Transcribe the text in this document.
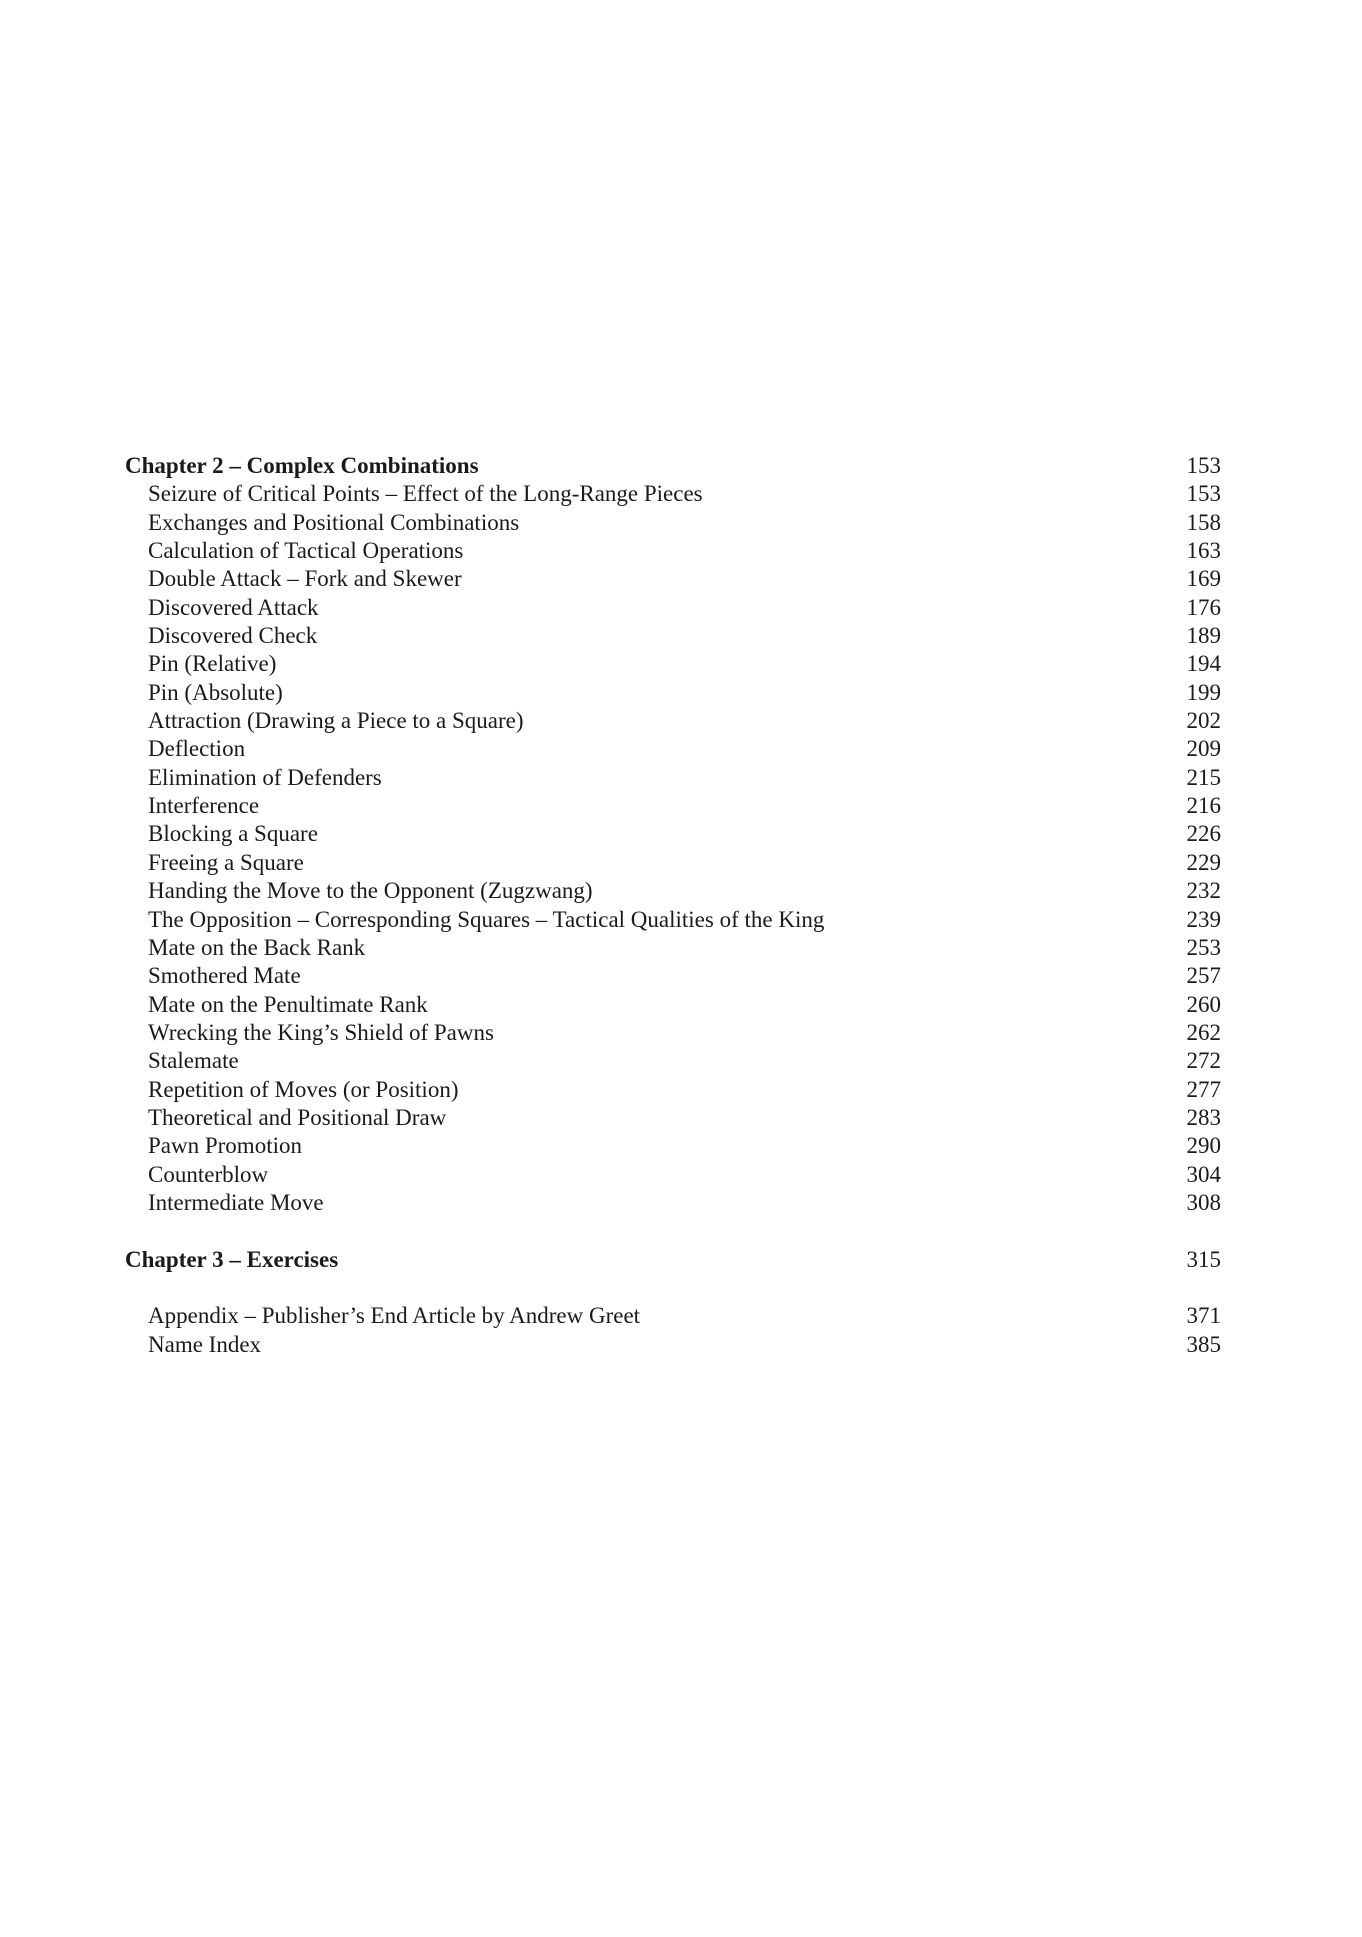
Chapter 2 – Complex Combinations	153
Seizure of Critical Points – Effect of the Long-Range Pieces	153
Exchanges and Positional Combinations	158
Calculation of Tactical Operations	163
Double Attack – Fork and Skewer	169
Discovered Attack	176
Discovered Check	189
Pin (Relative)	194
Pin (Absolute)	199
Attraction (Drawing a Piece to a Square)	202
Deflection	209
Elimination of Defenders	215
Interference	216
Blocking a Square	226
Freeing a Square	229
Handing the Move to the Opponent (Zugzwang)	232
The Opposition – Corresponding Squares – Tactical Qualities of the King	239
Mate on the Back Rank	253
Smothered Mate	257
Mate on the Penultimate Rank	260
Wrecking the King’s Shield of Pawns	262
Stalemate	272
Repetition of Moves (or Position)	277
Theoretical and Positional Draw	283
Pawn Promotion	290
Counterblow	304
Intermediate Move	308
Chapter 3 – Exercises	315
Appendix – Publisher’s End Article by Andrew Greet	371
Name Index	385
